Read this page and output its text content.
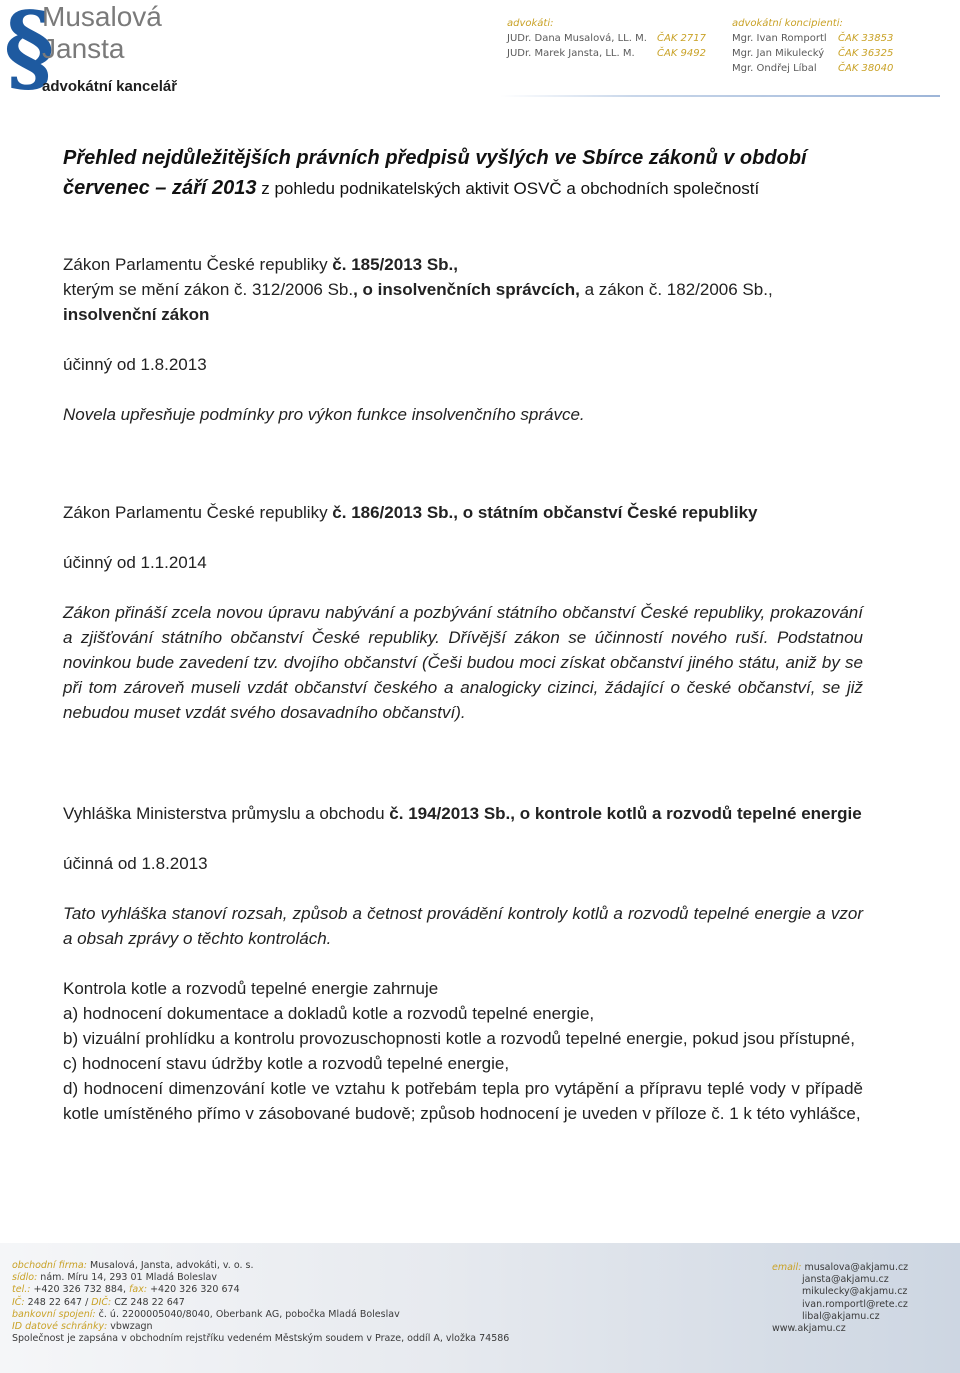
§
Musalová
Jansta
advokátní kancelář
advokáti:
JUDr. Dana Musalová, LL. M. ČAK 2717
JUDr. Marek Jansta, LL. M. ČAK 9492
advokátní koncipienti:
Mgr. Ivan Romportl ČAK 33853
Mgr. Jan Mikulecký ČAK 36325
Mgr. Ondřej Líbal ČAK 38040

Přehled nejdůležitějších právních předpisů vyšlých ve Sbírce zákonů v období

červenec – září 2013 z pohledu podnikatelských aktivit OSVČ a obchodních společností

Zákon Parlamentu České republiky č. 185/2013 Sb.,

kterým se mění zákon č. 312/2006 Sb., o insolvenčních správcích, a zákon č. 182/2006 Sb.,

insolvenční zákon

účinný od 1.8.2013

Novela upřesňuje podmínky pro výkon funkce insolvenčního správce.

Zákon Parlamentu České republiky č. 186/2013 Sb., o státním občanství České republiky

účinný od 1.1.2014

Zákon přináší zcela novou úpravu nabývání a pozbývání státního občanství České republiky, prokazování a zjišťování státního občanství České republiky. Dřívější zákon se účinností nového ruší. Podstatnou novinkou bude zavedení tzv. dvojího občanství (Češi budou moci získat občanství jiného státu, aniž by se při tom zároveň museli vzdát občanství českého a analogicky cizinci, žádající o české občanství, se již nebudou muset vzdát svého dosavadního občanství).

Vyhláška Ministerstva průmyslu a obchodu č. 194/2013 Sb., o kontrole kotlů a rozvodů tepelné energie

účinná od 1.8.2013

Tato vyhláška stanoví rozsah, způsob a četnost provádění kontroly kotlů a rozvodů tepelné energie a vzor a obsah zprávy o těchto kontrolách.

Kontrola kotle a rozvodů tepelné energie zahrnuje

a) hodnocení dokumentace a dokladů kotle a rozvodů tepelné energie,

b) vizuální prohlídku a kontrolu provozuschopnosti kotle a rozvodů tepelné energie, pokud jsou přístupné,

c) hodnocení stavu údržby kotle a rozvodů tepelné energie,

d) hodnocení dimenzování kotle ve vztahu k potřebám tepla pro vytápění a přípravu teplé vody v případě kotle umístěného přímo v zásobované budově; způsob hodnocení je uveden v příloze č. 1 k této vyhlášce,

obchodní firma: Musalová, Jansta, advokáti, v. o. s.
sídlo: nám. Míru 14, 293 01 Mladá Boleslav
tel.: +420 326 732 884, fax: +420 326 320 674
IČ: 248 22 647 / DIČ: CZ 248 22 647
bankovní spojení: č. ú. 2200005040/8040, Oberbank AG, pobočka Mladá Boleslav
ID datové schránky: vbwzagn
Společnost je zapsána v obchodním rejstříku vedeném Městským soudem v Praze, oddíl A, vložka 74586
email: musalova@akjamu.cz
jansta@akjamu.cz
mikulecky@akjamu.cz
ivan.romportl@rete.cz
libal@akjamu.cz
www.akjamu.cz
